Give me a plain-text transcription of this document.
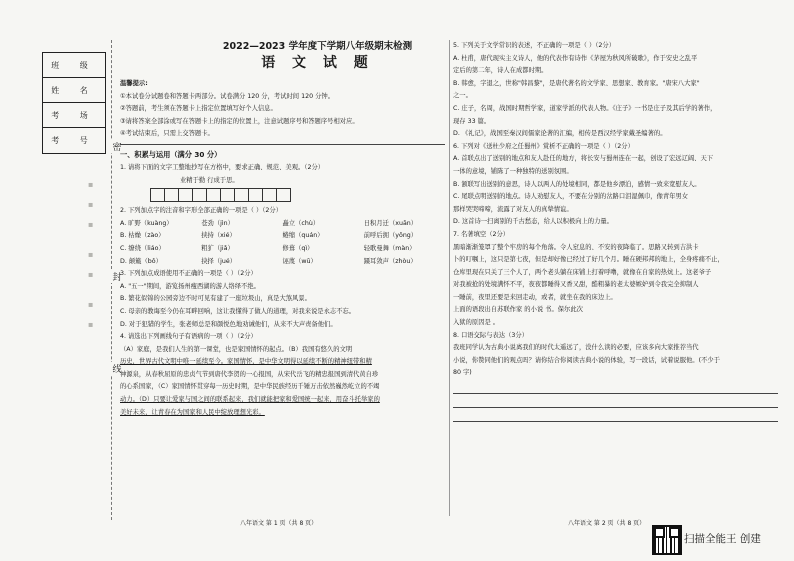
班 级
姓 名
考 场
考 号
密
封
线
▪

▪

▪

▪

▪

▪

▪
2022—2023 学年度下学期八年级期末检测
语 文 试 题
温馨提示:
①本试卷分试题卷和答题卡两部分。试卷满分 120 分，考试时间 120 分钟。
②答题前，考生须在答题卡上指定位置填写好个人信息。
③请将答案全部涂或写在答题卡上的指定的位置上，注意试题序号和答题序号相对应。
④考试结束后，只需上交答题卡。
一、积累与运用（满分 30 分）
1. 请将下面的文字工整地抄写在方格中，要求正确、规范、美观。（2分）
业精于勤 行成于思。
2. 下列加点字的注音和字形全部正确的一项是（ ）（2分）
A. 旷野（kuàng）	苍劲（jìn）	矗立（chù）	日积月迁（xuān）
B. 枯燥（zào）	挟持（xié）	蜷缩（quán）	前呼后拥（yōng）
C. 缭绕（liáo）	粗犷（jiǎ）	修葺（qì）	轻歌曼舞（màn）
D. 颠簸（bǒ）	抉择（jué）	诬蔑（wū）	蹑耳敛声（zhòu）
3. 下列加点成语使用不正确的一项是（ ）（2分）
A. "五一"期间，游览扬州瘦西湖的游人络绎不绝。
B. 繁花似锦的公园旁边不时可见有建了一座垃圾山，真是大煞风景。
C. 母亲的教诲至今仍在耳畔回响，这让我懂得了做人的道理，对我来说是永志不忘。
D. 对于犯错的学生，张老师总是和颜悦色地劝诫他们，从来不大声责备他们。
4. 请选出下列画线句子有语病的一项（ ）（2分）
（A）家庭，是我们人生的第一课堂，也是家国情怀的起点。（B）我国有悠久的文明
历史，世界古代文明中唯一延续至今。家国情怀，是中华文明得以延续不断的精神纽带和精
神源泉，从春秋屈原的忠贞气节到唐代李贺的一心报国，从宋代岳飞的精忠报国到清代黄自珍
的心系国家，（C）家国情怀贯穿每一历史时期，是中华民族经历千锤万击依然巍然屹立的不竭
动力。（D）只要让爱家与国之间的联系起来，我们就能把家和爱国统一起来，用奋斗托举家的
美好未来，让青春在为国家和人民中绽放理想光彩。
八年语文 第 1 页（共 8 页）
5. 下列关于文学常识的表述，不正确的一项是（ ）（2分）
A. 杜甫，唐代现实主义诗人，他的代表作有诗作《茅屋为秋风所破歌》，作于安史之乱平
定后的第二年，诗人在成都时期。
B. 韩愈，字退之，世称"韩昌黎"，是唐代著名的文学家、思想家、教育家。"唐宋八大家"
之一。
C. 庄子，名周，战国时期哲学家，道家学派的代表人物。《庄子》一书是庄子及其后学的著作，
现存 33 篇。
D. 《礼记》，战国至秦汉间儒家论著的汇编，相传是西汉经学家戴圣编著的。
6. 下列对《送杜少府之任蜀州》赏析不正确的一项是（ ）（2分）
A. 首联点出了送别的地点和友人赴任的地方，将长安与蜀州连在一起，创设了宏远辽阔、天下
一体的意境，铺陈了一种独特的送别氛围。
B. 颔联写出送别的意思，诗人以两人的处境相同，都是他乡漂泊，感情一致来宽慰友人。
C. 尾联点明送别的地点。诗人劝慰友人，不要在分别的岔路口泪湿佩巾，像青年男女
那样哭哭啼啼，流露了对友人的真挚情谊。
D. 这首诗一扫离别的千古愁态，给人以积极向上的力量。
7. 名著填空（2分）
黑暗渐渐笼罩了整个牢房的每个角落。令人窒息的、不安的夜降临了。思路又转到吉洪卡
卜的叮嘱上，这只是第七夜，但是却好像已经过了好几个月。睡在硬邦邦的地上，全身疼痛不止，
仓库里现在只关了三个人了，两个老头躺在床铺上打着呼噜，就像在自家的热炕上。这老爷子
对我被抢的处境满怀不平，夜夜都睡得又香又甜，酷粗暴的老太婆嫉妒到令我完全抑制人
一睡前，夜里还要是来回走动，或者，就坐在我的床边上。
上面的语段出自苏联作家 的小说 书。保尔此次
入狱的原因是 。
8. 口语交际与表达（3分）
我班同学认为古典小说离我们的时代太遥远了，没什么读的必要，应该多向大家推荐当代
小说，你赞同他们的观点吗？请你结合你阅读古典小说的体验，写一段话，试着说服他。(不少于
80 字)
八年语文 第 2 页（共 8 页）
扫描全能王 创建
